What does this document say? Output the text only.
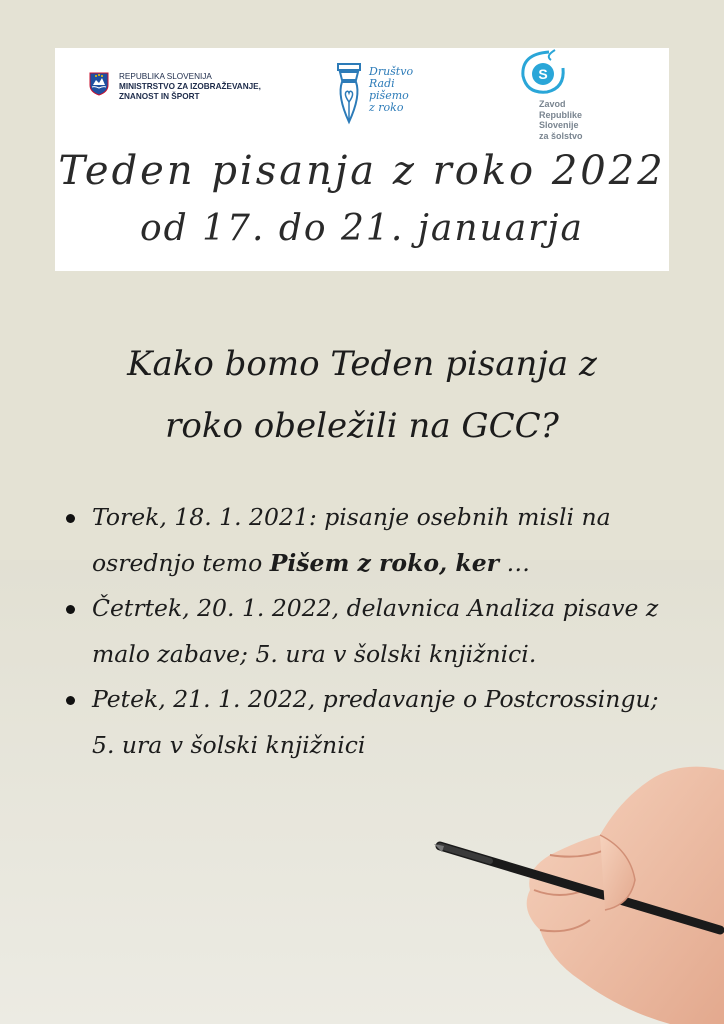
REPUBLIKA SLOVENIJA
MINISTRSTVO ZA IZOBRAŽEVANJE,
ZNANOST IN ŠPORT
Društvo
Radi
pišemo
z roko
S
Zavod
Republike
Slovenije
za šolstvo
Teden pisanja z roko 2022
od 17. do 21. januarja
Kako bomo Teden pisanja z
roko obeležili na GCC?
Torek, 18. 1. 2021: pisanje osebnih misli na osrednjo temo Pišem z roko, ker …
Četrtek, 20. 1. 2022, delavnica Analiza pisave z malo zabave; 5. ura v šolski knjižnici.
Petek, 21. 1. 2022, predavanje o Postcrossingu; 5. ura v šolski knjižnici
